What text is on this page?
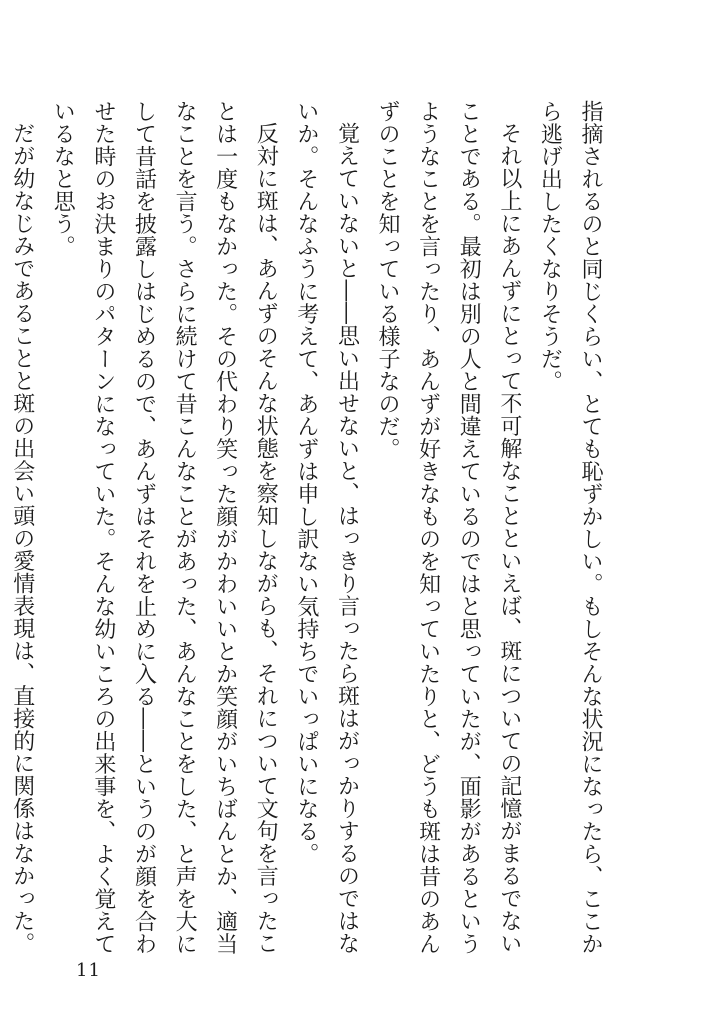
指摘されるのと同じくらい、とても恥ずかしい。もしそんな状況になったら、ここから逃げ出したくなりそうだ。

それ以上にあんずにとって不可解なことといえば、斑についての記憶がまるでないことである。最初は別の人と間違えているのではと思っていたが、面影があるというようなことを言ったり、あんずが好きなものを知っていたりと、どうも斑は昔のあんずのことを知っている様子なのだ。

覚えていないと――思い出せないと、はっきり言ったら斑はがっかりするのではないか。そんなふうに考えて、あんずは申し訳ない気持ちでいっぱいになる。

反対に斑は、あんずのそんな状態を察知しながらも、それについて文句を言ったことは一度もなかった。その代わり笑った顔がかわいいとか笑顔がいちばんとか、適当なことを言う。さらに続けて昔こんなことがあった、あんなことをした、と声を大にして昔話を披露しはじめるので、あんずはそれを止めに入る――というのが顔を合わせた時のお決まりのパターンになっていた。そんな幼いころの出来事を、よく覚えているなと思う。

だが幼なじみであることと斑の出会い頭の愛情表現は、直接的に関係はなかった。

11
